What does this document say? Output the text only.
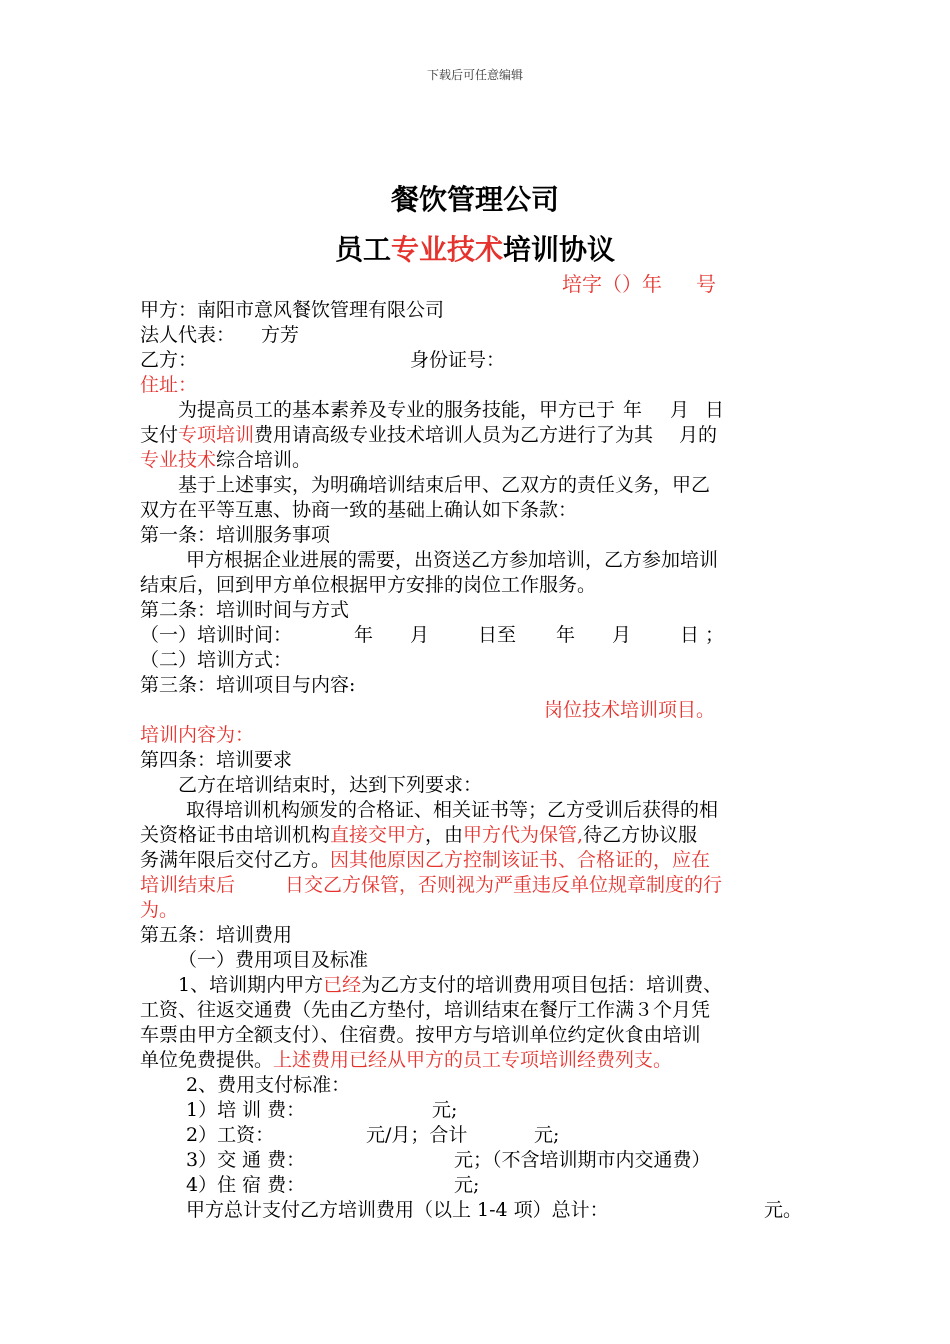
下载后可任意编辑
餐饮管理公司
员工专业技术培训协议
培字（）年 号
甲方：南阳市意风餐饮管理有限公司
法人代表： 方芳
乙方：	身份证号：
住址：
为提高员工的基本素养及专业的服务技能，甲方已于 年 月 日
支付专项培训费用请高级专业技术培训人员为乙方进行了为其 月的
专业技术综合培训。
基于上述事实，为明确培训结束后甲、乙双方的责任义务，甲乙
双方在平等互惠、协商一致的基础上确认如下条款：
第一条：培训服务事项
甲方根据企业进展的需要，出资送乙方参加培训，乙方参加培训
结束后，回到甲方单位根据甲方安排的岗位工作服务。
第二条：培训时间与方式
（一）培训时间：	年 月	日至 年 月	日 ；
（二）培训方式：
第三条：培训项目与内容:
岗位技术培训项目。
培训内容为：
第四条：培训要求
乙方在培训结束时，达到下列要求：
取得培训机构颁发的合格证、相关证书等；乙方受训后获得的相
关资格证书由培训机构直接交甲方，由甲方代为保管,待乙方协议服
务满年限后交付乙方。因其他原因乙方控制该证书、合格证的，应在
培训结束后	日交乙方保管，否则视为严重违反单位规章制度的行
为。
第五条：培训费用
（一）费用项目及标准
1、培训期内甲方已经为乙方支付的培训费用项目包括：培训费、
工资、往返交通费（先由乙方垫付，培训结束在餐厅工作满３个月凭
车票由甲方全额支付）、住宿费。按甲方与培训单位约定伙食由培训
单位免费提供。上述费用已经从甲方的员工专项培训经费列支。
2、费用支付标准：
1）培 训 费：	元;
2）工资：	元/月；合计	元;
3）交 通 费：	元；（不含培训期市内交通费）
4）住 宿 费：	元;
甲方总计支付乙方培训费用（以上 1-4 项）总计：	元。
